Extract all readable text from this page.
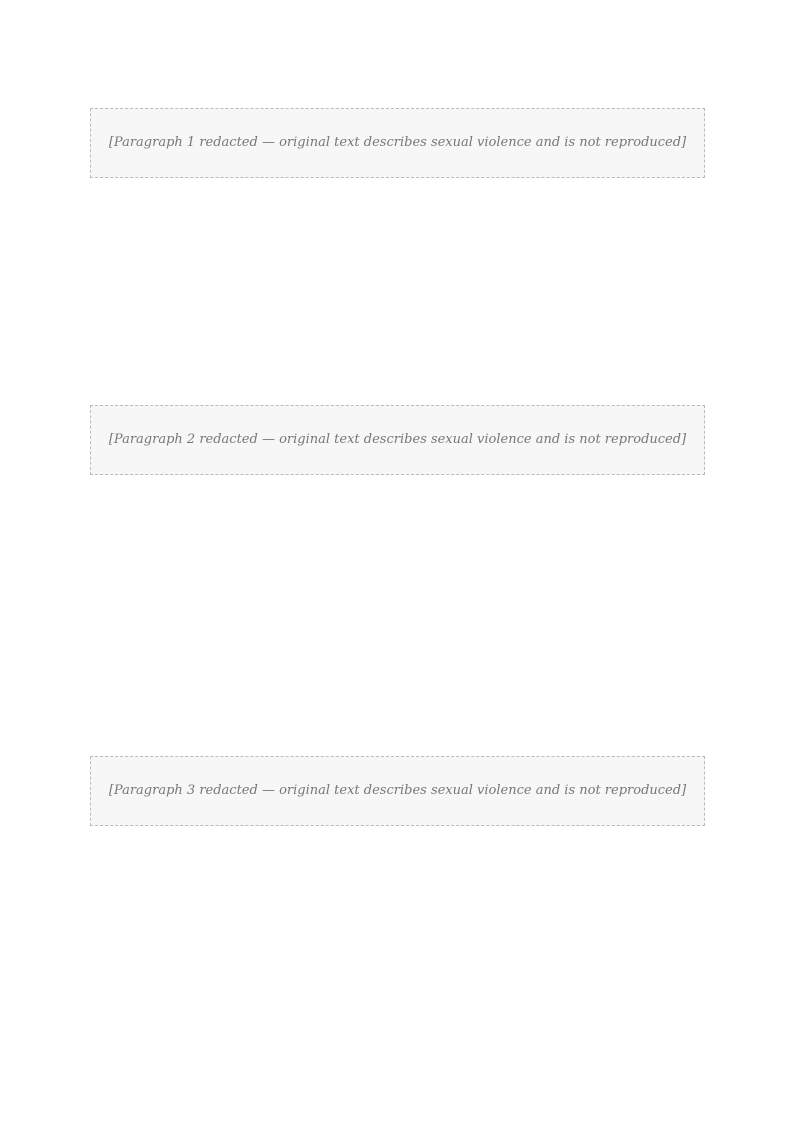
[Paragraph 1 redacted — original text describes sexual violence and is not reproduced]

[Paragraph 2 redacted — original text describes sexual violence and is not reproduced]

[Paragraph 3 redacted — original text describes sexual violence and is not reproduced]
